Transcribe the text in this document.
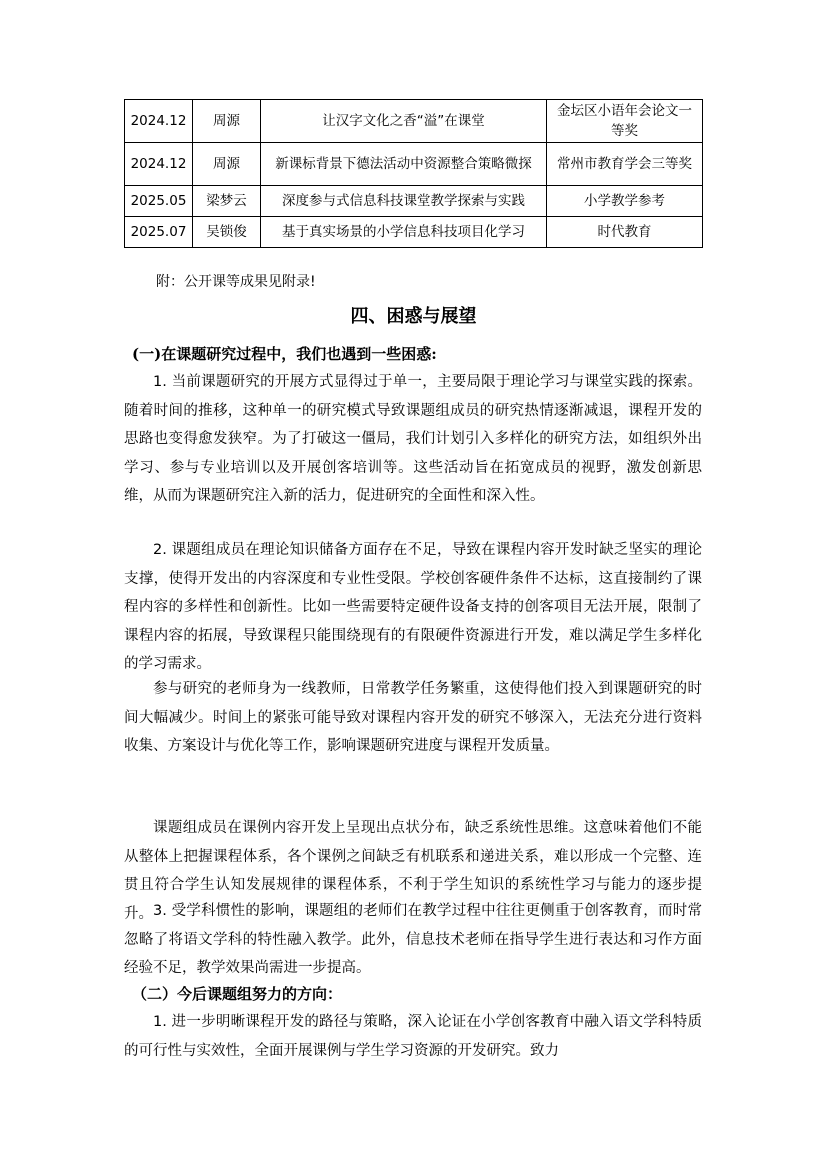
2024.12	周源	让汉字文化之香“溢”在课堂	金坛区小语年会论文一等奖
2024.12	周源	新课标背景下德法活动中资源整合策略微探	常州市教育学会三等奖
2025.05	梁梦云	深度参与式信息科技课堂教学探索与实践	小学教学参考
2025.07	吴锁俊	基于真实场景的小学信息科技项目化学习	时代教育
附：公开课等成果见附录!
四、困惑与展望
(一)在课题研究过程中，我们也遇到一些困惑:

1. 当前课题研究的开展方式显得过于单一，主要局限于理论学习与课堂实践的探索。随着时间的推移，这种单一的研究模式导致课题组成员的研究热情逐渐减退，课程开发的思路也变得愈发狭窄。为了打破这一僵局，我们计划引入多样化的研究方法，如组织外出学习、参与专业培训以及开展创客培训等。这些活动旨在拓宽成员的视野，激发创新思维，从而为课题研究注入新的活力，促进研究的全面性和深入性。

2. 课题组成员在理论知识储备方面存在不足，导致在课程内容开发时缺乏坚实的理论支撑，使得开发出的内容深度和专业性受限。学校创客硬件条件不达标，这直接制约了课程内容的多样性和创新性。比如一些需要特定硬件设备支持的创客项目无法开展，限制了课程内容的拓展，导致课程只能围绕现有的有限硬件资源进行开发，难以满足学生多样化的学习需求。

参与研究的老师身为一线教师，日常教学任务繁重，这使得他们投入到课题研究的时间大幅减少。时间上的紧张可能导致对课程内容开发的研究不够深入，无法充分进行资料收集、方案设计与优化等工作，影响课题研究进度与课程开发质量。

课题组成员在课例内容开发上呈现出点状分布，缺乏系统性思维。这意味着他们不能从整体上把握课程体系，各个课例之间缺乏有机联系和递进关系，难以形成一个完整、连贯且符合学生认知发展规律的课程体系，不利于学生知识的系统性学习与能力的逐步提升。 3. 受学科惯性的影响，课题组的老师们在教学过程中往往更侧重于创客教育，而时常忽略了将语文学科的特性融入教学。此外，信息技术老师在指导学生进行表达和习作方面经验不足，教学效果尚需进一步提高。

（二）今后课题组努力的方向：

1. 进一步明晰课程开发的路径与策略，深入论证在小学创客教育中融入语文学科特质的可行性与实效性，全面开展课例与学生学习资源的开发研究。致力
